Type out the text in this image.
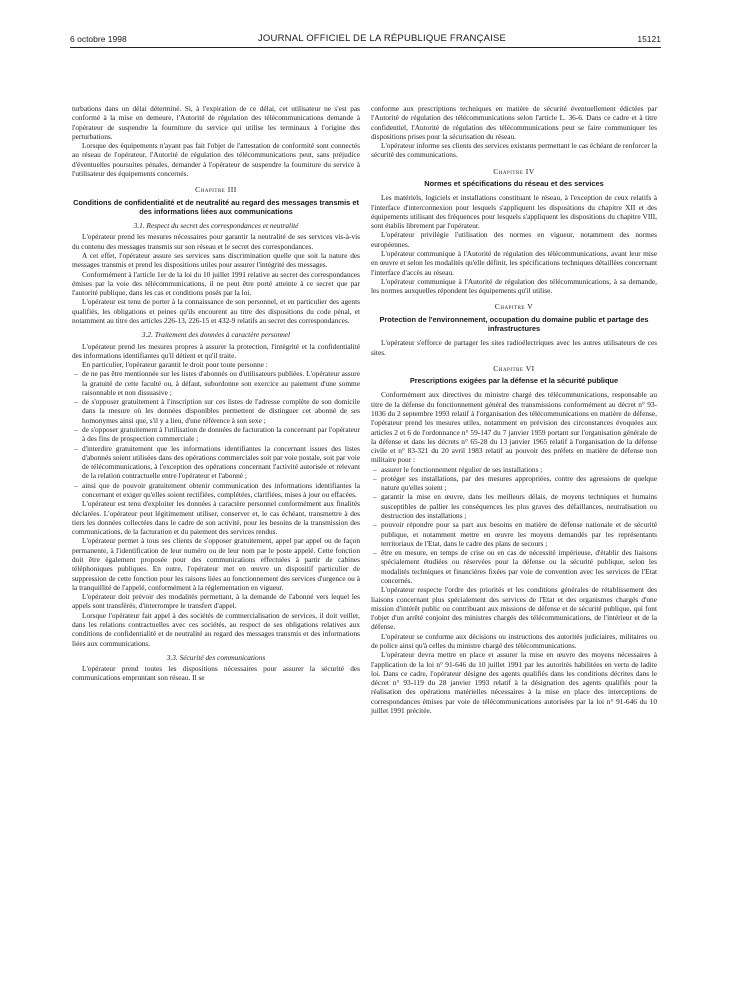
6 octobre 1998	JOURNAL OFFICIEL DE LA RÉPUBLIQUE FRANÇAISE	15121

turbations dans un délai déterminé. Si, à l'expiration de ce délai, cet utilisateur ne s'est pas conformé à la mise en demeure, l'Autorité de régulation des télécommunications demande à l'opérateur de suspendre la fourniture du service qui utilise les terminaux à l'origine des perturbations.

Lorsque des équipements n'ayant pas fait l'objet de l'attestation de conformité sont connectés au réseau de l'opérateur, l'Autorité de régulation des télécommunications peut, sans préjudice d'éventuelles poursuites pénales, demander à l'opérateur de suspendre la fourniture du service à l'utilisateur des équipements concernés.

Chapitre III
Conditions de confidentialité et de neutralité au regard des messages transmis et des informations liées aux communications
3.1. Respect du secret des correspondances et neutralité

L'opérateur prend les mesures nécessaires pour garantir la neutralité de ses services vis-à-vis du contenu des messages transmis sur son réseau et le secret des correspondances.

A cet effet, l'opérateur assure ses services sans discrimination quelle que soit la nature des messages transmis et prend les dispositions utiles pour assurer l'intégrité des messages.

Conformément à l'article 1er de la loi du 10 juillet 1991 relative au secret des correspondances émises par la voie des télécommunications, il ne peut être porté atteinte à ce secret que par l'autorité publique, dans les cas et conditions posés par la loi.

L'opérateur est tenu de porter à la connaissance de son personnel, et en particulier des agents qualifiés, les obligations et peines qu'ils encourent au titre des dispositions du code pénal, et notamment au titre des articles 226-13, 226-15 et 432-9 relatifs au secret des correspondances.

3.2. Traitement des données à caractère personnel

L'opérateur prend les mesures propres à assurer la protection, l'intégrité et la confidentialité des informations identifiantes qu'il détient et qu'il traite.

En particulier, l'opérateur garantit le droit pour toute personne :

– de ne pas être mentionnée sur les listes d'abonnés ou d'utilisateurs publiées. L'opérateur assure la gratuité de cette faculté ou, à défaut, subordonne son exercice au paiement d'une somme raisonnable et non dissuasive ;
– de s'opposer gratuitement à l'inscription sur ces listes de l'adresse complète de son domicile dans la mesure où les données disponibles permettent de distinguer cet abonné de ses homonymes ainsi que, s'il y a lieu, d'une référence à son sexe ;
– de s'opposer gratuitement à l'utilisation de données de facturation la concernant par l'opérateur à des fins de prospection commerciale ;
– d'interdire gratuitement que les informations identifiantes la concernant issues des listes d'abonnés soient utilisées dans des opérations commerciales soit par voie postale, soit par voie de télécommunications, à l'exception des opérations concernant l'activité autorisée et relevant de la relation contractuelle entre l'opérateur et l'abonné ;
– ainsi que de pouvoir gratuitement obtenir communication des informations identifiantes la concernant et exiger qu'elles soient rectifiées, complétées, clarifiées, mises à jour ou effacées.

L'opérateur est tenu d'exploiter les données à caractère personnel conformément aux finalités déclarées. L'opérateur peut légitimement utiliser, conserver et, le cas échéant, transmettre à des tiers les données collectées dans le cadre de son activité, pour les besoins de la transmission des communications, de la facturation et du paiement des services rendus.

L'opérateur permet à tous ses clients de s'opposer gratuitement, appel par appel ou de façon permanente, à l'identification de leur numéro ou de leur nom par le poste appelé. Cette fonction doit être également proposée pour des communications effectuées à partir de cabines téléphoniques publiques. En outre, l'opérateur met en œuvre un dispositif particulier de suppression de cette fonction pour les raisons liées au fonctionnement des services d'urgence ou à la tranquillité de l'appelé, conformément à la réglementation en vigueur.

L'opérateur doit prévoir des modalités permettant, à la demande de l'abonné vers lequel les appels sont transférés, d'interrompre le transfert d'appel.

Lorsque l'opérateur fait appel à des sociétés de commercialisation de services, il doit veiller, dans les relations contractuelles avec ces sociétés, au respect de ses obligations relatives aux conditions de confidentialité et de neutralité au regard des messages transmis et des informations liées aux communications.

3.3. Sécurité des communications

L'opérateur prend toutes les dispositions nécessaires pour assurer la sécurité des communications empruntant son réseau. Il se

conforme aux prescriptions techniques en matière de sécurité éventuellement édictées par l'Autorité de régulation des télécommunications selon l'article L. 36-6. Dans ce cadre et à titre confidentiel, l'Autorité de régulation des télécommunications peut se faire communiquer les dispositions prises pour la sécurisation du réseau.

L'opérateur informe ses clients des services existants permettant le cas échéant de renforcer la sécurité des communications.

Chapitre IV
Normes et spécifications du réseau et des services

Les matériels, logiciels et installations constituant le réseau, à l'exception de ceux relatifs à l'interface d'interconnexion pour lesquels s'appliquent les dispositions du chapitre XII et des équipements utilisant des fréquences pour lesquels s'appliquent les dispositions du chapitre VIII, sont établis librement par l'opérateur.

L'opérateur privilégie l'utilisation des normes en vigueur, notamment des normes européennes.

L'opérateur communique à l'Autorité de régulation des télécommunications, avant leur mise en œuvre et selon les modalités qu'elle définit, les spécifications techniques détaillées concernant l'interface d'accès au réseau.

L'opérateur communique à l'Autorité de régulation des télécommunications, à sa demande, les normes auxquelles répondent les équipements qu'il utilise.

Chapitre V
Protection de l'environnement, occupation du domaine public et partage des infrastructures

L'opérateur s'efforce de partager les sites radioélectriques avec les autres utilisateurs de ces sites.

Chapitre VI
Prescriptions exigées par la défense et la sécurité publique

Conformément aux directives du ministre chargé des télécommunications, responsable au titre de la défense du fonctionnement général des transmissions conformément au décret n° 93-1036 du 2 septembre 1993 relatif à l'organisation des télécommunications en matière de défense, l'opérateur prend les mesures utiles, notamment en prévision des circonstances évoquées aux articles 2 et 6 de l'ordonnance n° 59-147 du 7 janvier 1959 portant sur l'organisation générale de la défense et dans les décrets n° 65-28 du 13 janvier 1965 relatif à l'organisation de la défense civile et n° 83-321 du 20 avril 1983 relatif au pouvoir des préfets en matière de défense non militaire pour :

– assurer le fonctionnement régulier de ses installations ;
– protéger ses installations, par des mesures appropriées, contre des agressions de quelque nature qu'elles soient ;
– garantir la mise en œuvre, dans les meilleurs délais, de moyens techniques et humains susceptibles de pallier les conséquences les plus graves des défaillances, neutralisation ou destruction des installations ;
– pouvoir répondre pour sa part aux besoins en matière de défense nationale et de sécurité publique, et notamment mettre en œuvre les moyens demandés par les représentants territoriaux de l'Etat, dans le cadre des plans de secours ;
– être en mesure, en temps de crise ou en cas de nécessité impérieuse, d'établir des liaisons spécialement étudiées ou réservées pour la défense ou la sécurité publique, selon les modalités techniques et financières fixées par voie de convention avec les services de l'Etat concernés.

L'opérateur respecte l'ordre des priorités et les conditions générales de rétablissement des liaisons concernant plus spécialement des services de l'Etat et des organismes chargés d'une mission d'intérêt public ou contribuant aux missions de défense et de sécurité publique, qui font l'objet d'un arrêté conjoint des ministres chargés des télécommunications, de l'intérieur et de la défense.

L'opérateur se conforme aux décisions ou instructions des autorités judiciaires, militaires ou de police ainsi qu'à celles du ministre chargé des télécommunications.

L'opérateur devra mettre en place et assurer la mise en œuvre des moyens nécessaires à l'application de la loi n° 91-646 du 10 juillet 1991 par les autorités habilitées en vertu de ladite loi. Dans ce cadre, l'opérateur désigne des agents qualifiés dans les conditions décrites dans le décret n° 93-119 du 28 janvier 1993 relatif à la désignation des agents qualifiés pour la réalisation des opérations matérielles nécessaires à la mise en place des interceptions de correspondances émises par voie de télécommunications autorisées par la loi n° 91-646 du 10 juillet 1991 précitée.
